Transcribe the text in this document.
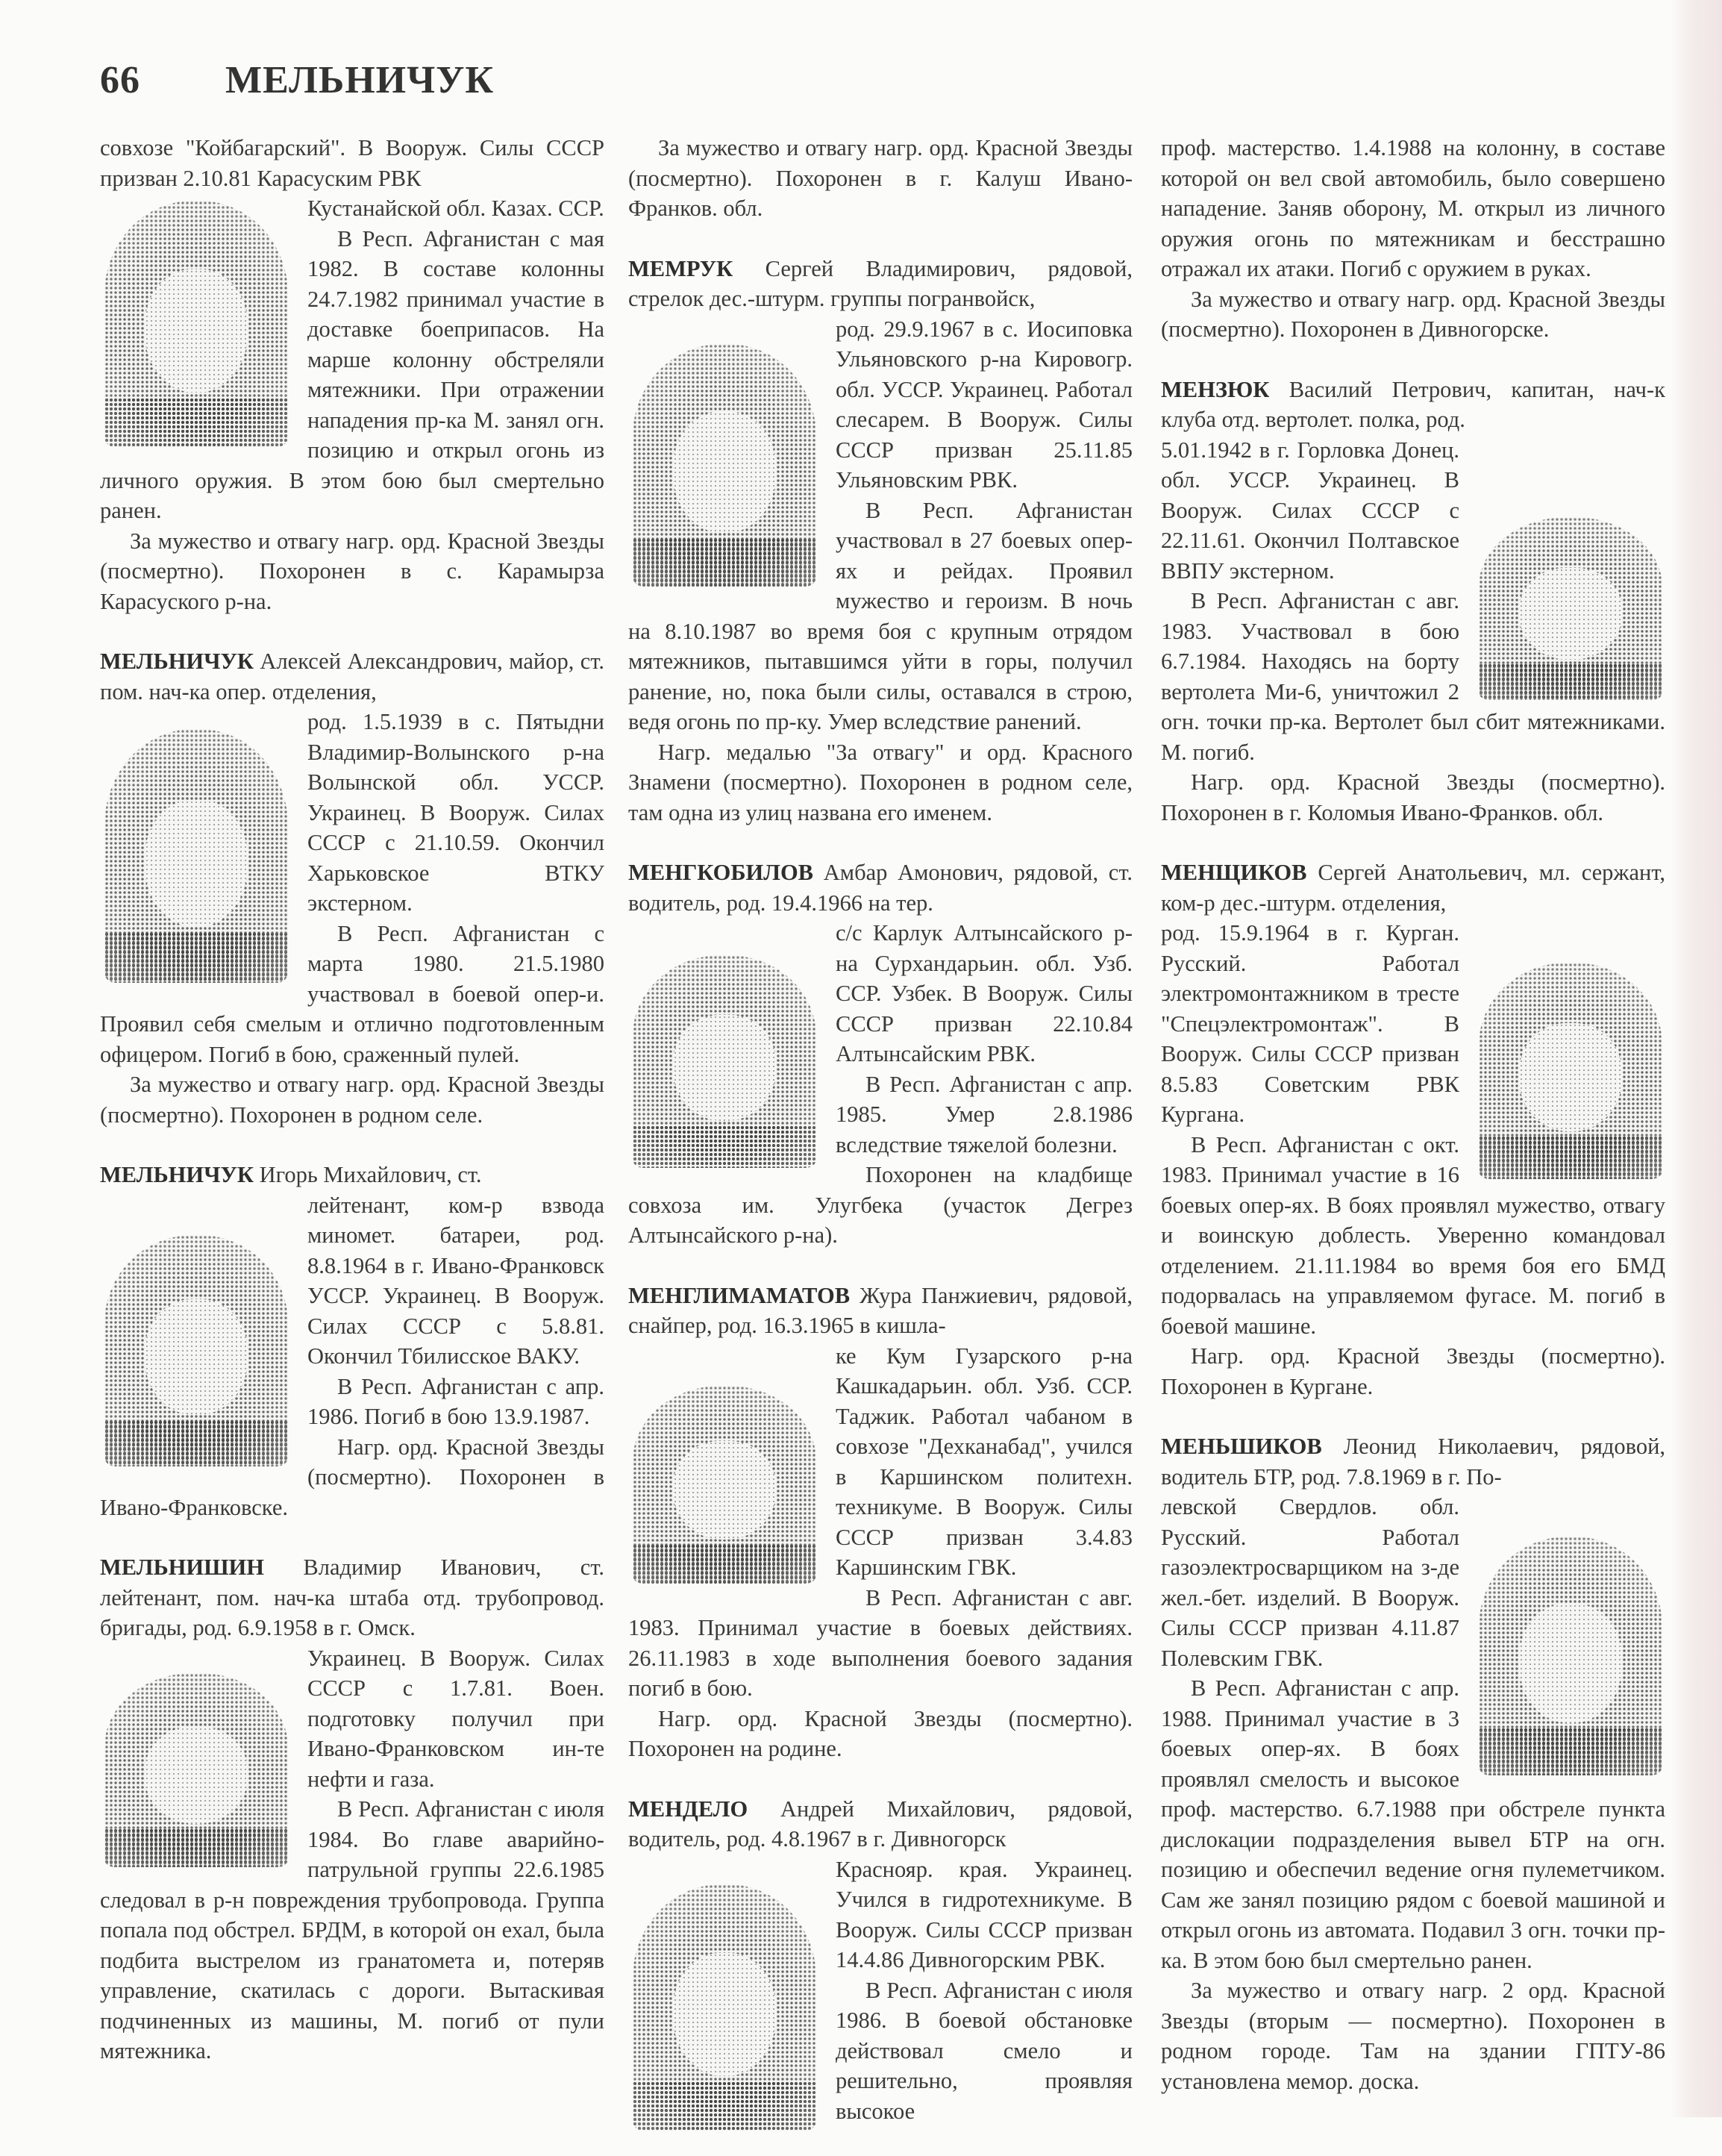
66 МЕЛЬНИЧУК

совхозе "Койбагарский". В Вооруж. Силы СССР призван 2.10.81 Карасуским РВК

Кустанайской обл. Казах. ССР.

В Респ. Афганистан с мая 1982. В составе колонны 24.7.1982 принимал участие в доставке боеприпасов. На марше колонну обстреляли мятежники. При отражении нападения пр-ка М. занял огн. позицию и открыл огонь из личного оружия. В этом бою был смертельно ранен.

За мужество и отвагу нагр. орд. Красной Звезды (посмертно). Похоронен в с. Карамырза Карасуского р-на.

МЕЛЬНИЧУК Алексей Александрович, майор, ст. пом. нач-ка опер. отделения,

род. 1.5.1939 в с. Пятыдни Владимир-Волынского р-на Волынской обл. УССР. Украинец. В Вооруж. Силах СССР с 21.10.59. Окончил Харьковское ВТКУ экстерном.

В Респ. Афганистан с марта 1980. 21.5.1980 участвовал в боевой опер-и. Проявил себя смелым и отлично подготовленным офицером. Погиб в бою, сраженный пулей.

За мужество и отвагу нагр. орд. Красной Звезды (посмертно). Похоронен в родном селе.

МЕЛЬНИЧУК Игорь Михайлович, ст.

лейтенант, ком-р взвода миномет. батареи, род. 8.8.1964 в г. Ивано-Франковск УССР. Украинец. В Вооруж. Силах СССР с 5.8.81. Окончил Тбилисское ВАКУ.

В Респ. Афганистан с апр. 1986. Погиб в бою 13.9.1987.

Нагр. орд. Красной Звезды (посмертно). Похоронен в Ивано-Франковске.

МЕЛЬНИШИН Владимир Иванович, ст. лейтенант, пом. нач-ка штаба отд. трубопровод. бригады, род. 6.9.1958 в г. Омск.

Украинец. В Вооруж. Силах СССР с 1.7.81. Воен. подготовку получил при Ивано-Франковском ин-те нефти и газа.

В Респ. Афганистан с июля 1984. Во главе аварийно-патрульной группы 22.6.1985 следовал в р-н повреждения трубопровода. Группа попала под обстрел. БРДМ, в которой он ехал, была подбита выстрелом из гранатомета и, потеряв управление, скатилась с дороги. Вытаскивая подчиненных из машины, М. погиб от пули мятежника.

За мужество и отвагу нагр. орд. Красной Звезды (посмертно). Похоронен в г. Калуш Ивано-Франков. обл.

МЕМРУК Сергей Владимирович, рядовой, стрелок дес.-штурм. группы погранвойск,

род. 29.9.1967 в с. Иосиповка Ульяновского р-на Кировогр. обл. УССР. Украинец. Работал слесарем. В Вооруж. Силы СССР призван 25.11.85 Ульяновским РВК.

В Респ. Афганистан участвовал в 27 боевых опер-ях и рейдах. Проявил мужество и героизм. В ночь на 8.10.1987 во время боя с крупным отрядом мятежников, пытавшимся уйти в горы, получил ранение, но, пока были силы, оставался в строю, ведя огонь по пр-ку. Умер вследствие ранений.

Нагр. медалью "За отвагу" и орд. Красного Знамени (посмертно). Похоронен в родном селе, там одна из улиц названа его именем.

МЕНГКОБИЛОВ Амбар Амонович, рядовой, ст. водитель, род. 19.4.1966 на тер.

с/с Карлук Алтынсайского р-на Сурхандарьин. обл. Узб. ССР. Узбек. В Вооруж. Силы СССР призван 22.10.84 Алтынсайским РВК.

В Респ. Афганистан с апр. 1985. Умер 2.8.1986 вследствие тяжелой болезни.

Похоронен на кладбище совхоза им. Улугбека (участок Дегрез Алтынсайского р-на).

МЕНГЛИМАМАТОВ Жура Панжиевич, рядовой, снайпер, род. 16.3.1965 в кишла-

ке Кум Гузарского р-на Кашкадарьин. обл. Узб. ССР. Таджик. Работал чабаном в совхозе "Дехканабад", учился в Каршинском политехн. техникуме. В Вооруж. Силы СССР призван 3.4.83 Каршинским ГВК.

В Респ. Афганистан с авг. 1983. Принимал участие в боевых действиях. 26.11.1983 в ходе выполнения боевого задания погиб в бою.

Нагр. орд. Красной Звезды (посмертно). Похоронен на родине.

МЕНДЕЛО Андрей Михайлович, рядовой, водитель, род. 4.8.1967 в г. Дивногорск

Краснояр. края. Украинец. Учился в гидротехникуме. В Вооруж. Силы СССР призван 14.4.86 Дивногорским РВК.

В Респ. Афганистан с июля 1986. В боевой обстановке действовал смело и решительно, проявляя высокое

проф. мастерство. 1.4.1988 на колонну, в составе которой он вел свой автомобиль, было совершено нападение. Заняв оборону, М. открыл из личного оружия огонь по мятежникам и бесстрашно отражал их атаки. Погиб с оружием в руках.

За мужество и отвагу нагр. орд. Красной Звезды (посмертно). Похоронен в Дивногорске.

МЕНЗЮК Василий Петрович, капитан, нач-к клуба отд. вертолет. полка, род.

5.01.1942 в г. Горловка Донец. обл. УССР. Украинец. В Вооруж. Силах СССР с 22.11.61. Окончил Полтавское ВВПУ экстерном.

В Респ. Афганистан с авг. 1983. Участвовал в бою 6.7.1984. Находясь на борту вертолета Ми-6, уничтожил 2 огн. точки пр-ка. Вертолет был сбит мятежниками. М. погиб.

Нагр. орд. Красной Звезды (посмертно). Похоронен в г. Коломыя Ивано-Франков. обл.

МЕНЩИКОВ Сергей Анатольевич, мл. сержант, ком-р дес.-штурм. отделения,

род. 15.9.1964 в г. Курган. Русский. Работал электромонтажником в тресте "Спецэлектромонтаж". В Вооруж. Силы СССР призван 8.5.83 Советским РВК Кургана.

В Респ. Афганистан с окт. 1983. Принимал участие в 16 боевых опер-ях. В боях проявлял мужество, отвагу и воинскую доблесть. Уверенно командовал отделением. 21.11.1984 во время боя его БМД подорвалась на управляемом фугасе. М. погиб в боевой машине.

Нагр. орд. Красной Звезды (посмертно). Похоронен в Кургане.

МЕНЬШИКОВ Леонид Николаевич, рядовой, водитель БТР, род. 7.8.1969 в г. По-

левской Свердлов. обл. Русский. Работал газоэлектросварщиком на з-де жел.-бет. изделий. В Вооруж. Силы СССР призван 4.11.87 Полевским ГВК.

В Респ. Афганистан с апр. 1988. Принимал участие в 3 боевых опер-ях. В боях проявлял смелость и высокое проф. мастерство. 6.7.1988 при обстреле пункта дислокации подразделения вывел БТР на огн. позицию и обеспечил ведение огня пулеметчиком. Сам же занял позицию рядом с боевой машиной и открыл огонь из автомата. Подавил 3 огн. точки пр-ка. В этом бою был смертельно ранен.

За мужество и отвагу нагр. 2 орд. Красной Звезды (вторым — посмертно). Похоронен в родном городе. Там на здании ГПТУ-86 установлена мемор. доска.
